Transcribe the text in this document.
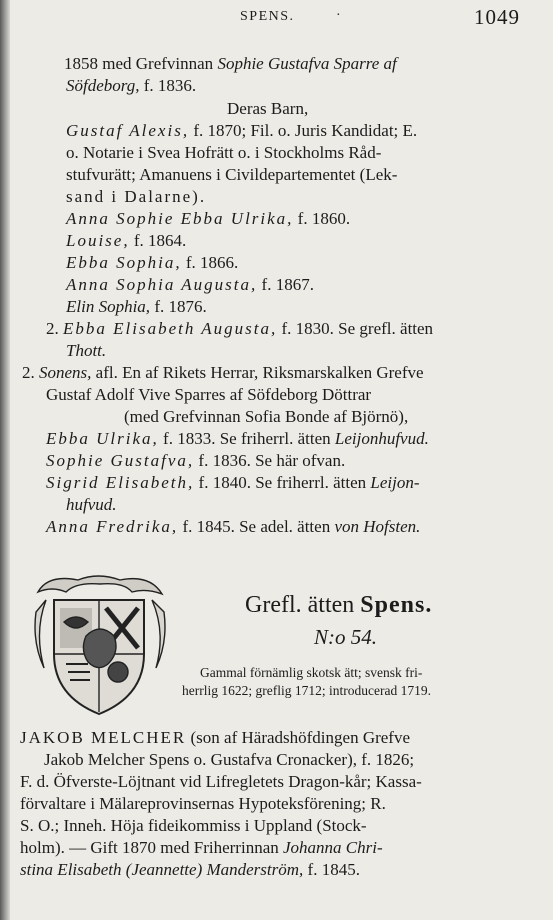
SPENS.	·	1049
1858 med Grefvinnan Sophie Gustafva Sparre af
Söfdeborg, f. 1836.
Deras Barn,
Gustaf Alexis, f. 1870; Fil. o. Juris Kandidat; E.
o. Notarie i Svea Hofrätt o. i Stockholms Råd-
stufvurätt; Amanuens i Civildepartementet (Lek-
sand i Dalarne).
Anna Sophie Ebba Ulrika, f. 1860.
Louise, f. 1864.
Ebba Sophia, f. 1866.
Anna Sophia Augusta, f. 1867.
Elin Sophia, f. 1876.
2. Ebba Elisabeth Augusta, f. 1830. Se grefl. ätten
Thott.
2. Sonens, afl. En af Rikets Herrar, Riksmarskalken Grefve
Gustaf Adolf Vive Sparres af Söfdeborg Döttrar
(med Grefvinnan Sofia Bonde af Björnö),
Ebba Ulrika, f. 1833. Se friherrl. ätten Leijonhufvud.
Sophie Gustafva, f. 1836. Se här ofvan.
Sigrid Elisabeth, f. 1840. Se friherrl. ätten Leijon-
hufvud.
Anna Fredrika, f. 1845. Se adel. ätten von Hofsten.
Grefl. ätten Spens.
N:o 54.
Gammal förnämlig skotsk ätt; svensk fri-
herrlig 1622; greflig 1712; introducerad 1719.
JAKOB MELCHER (son af Häradshöfdingen Grefve
Jakob Melcher Spens o. Gustafva Cronacker), f. 1826;
F. d. Öfverste-Löjtnant vid Lifregletets Dragon-kår; Kassa-
förvaltare i Mälareprovinsernas Hypoteksförening; R.
S. O.; Inneh. Höja fideikommiss i Uppland (Stock-
holm). — Gift 1870 med Friherrinnan Johanna Chri-
stina Elisabeth (Jeannette) Manderström, f. 1845.
